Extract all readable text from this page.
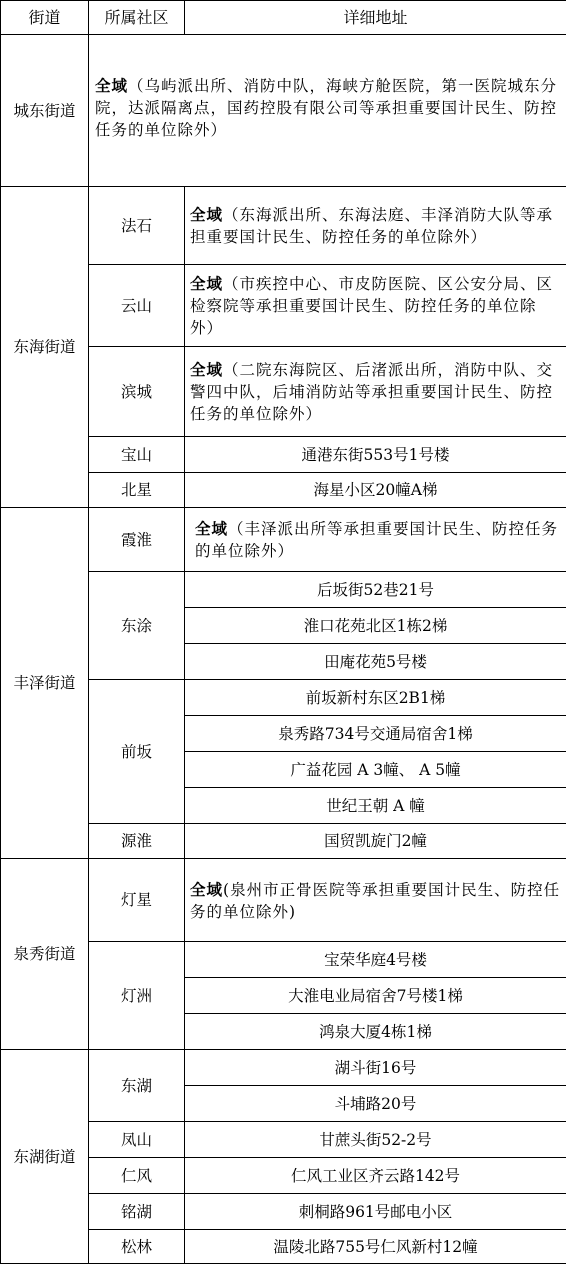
街道	所属社区	详细地址
城东街道	全域（乌屿派出所、消防中队，海峡方舱医院，第一医院城东分院，达派隔离点，国药控股有限公司等承担重要国计民生、防控任务的单位除外）	
东海街道	法石	全域（东海派出所、东海法庭、丰泽消防大队等承担重要国计民生、防控任务的单位除外）
	云山	全域（市疾控中心、市皮防医院、区公安分局、区检察院等承担重要国计民生、防控任务的单位除外）
	滨城	全域（二院东海院区、后渚派出所，消防中队、交警四中队，后埔消防站等承担重要国计民生、防控任务的单位除外）
	宝山	通港东街553号1号楼
	北星	海星小区20幢A梯
丰泽街道	霞淮	全域（丰泽派出所等承担重要国计民生、防控任务的单位除外）
	东涂	后坂街52巷21号
		淮口花苑北区1栋2梯
		田庵花苑5号楼
	前坂	前坂新村东区2B1梯
		泉秀路734号交通局宿舍1梯
		广益花园 A 3幢、 A 5幢
		世纪王朝 A 幢
	源淮	国贸凯旋门2幢
泉秀街道	灯星	全域(泉州市正骨医院等承担重要国计民生、防控任务的单位除外)
	灯洲	宝荣华庭4号楼
		大淮电业局宿舍7号楼1梯
		鸿泉大厦4栋1梯
东湖街道	东湖	湖斗街16号
		斗埔路20号
	凤山	甘蔗头街52-2号
	仁风	仁风工业区齐云路142号
	铭湖	刺桐路961号邮电小区
	松林	温陵北路755号仁风新村12幢
